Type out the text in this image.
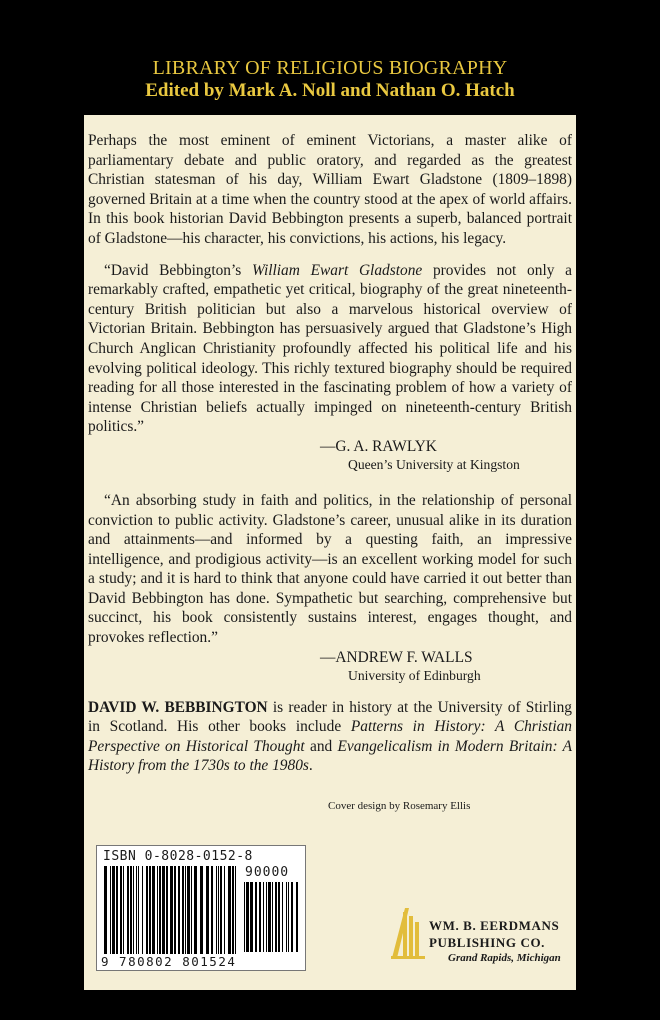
LIBRARY OF RELIGIOUS BIOGRAPHY
Edited by Mark A. Noll and Nathan O. Hatch

Perhaps the most eminent of eminent Victorians, a master alike of parliamentary debate and public oratory, and regarded as the greatest Christian statesman of his day, William Ewart Gladstone (1809–1898) governed Britain at a time when the country stood at the apex of world affairs. In this book historian David Bebbington presents a superb, balanced portrait of Gladstone—his character, his convictions, his actions, his legacy.

“David Bebbington’s William Ewart Gladstone provides not only a remarkably crafted, empathetic yet critical, biography of the great nineteenth-century British politician but also a marvelous historical overview of Victorian Britain. Bebbington has persuasively argued that Gladstone’s High Church Anglican Christianity profoundly affected his political life and his evolving political ideology. This richly textured biography should be required reading for all those interested in the fascinating problem of how a variety of intense Christian beliefs actually impinged on nineteenth-century British politics.”

—G. A. RAWLYK

Queen’s University at Kingston

“An absorbing study in faith and politics, in the relationship of personal conviction to public activity. Gladstone’s career, unusual alike in its duration and attainments—and informed by a questing faith, an impressive intelligence, and prodigious activity—is an excellent working model for such a study; and it is hard to think that anyone could have carried it out better than David Bebbington has done. Sympathetic but searching, comprehensive but succinct, his book consistently sustains interest, engages thought, and provokes reflection.”

—ANDREW F. WALLS

University of Edinburgh

DAVID W. BEBBINGTON is reader in history at the University of Stirling in Scotland. His other books include Patterns in History: A Christian Perspective on Historical Thought and Evangelicalism in Modern Britain: A History from the 1730s to the 1980s.

Cover design by Rosemary Ellis

ISBN 0-8028-0152-8
90000
9 780802 801524
WM. B. EERDMANS
PUBLISHING CO.
Grand Rapids, Michigan
